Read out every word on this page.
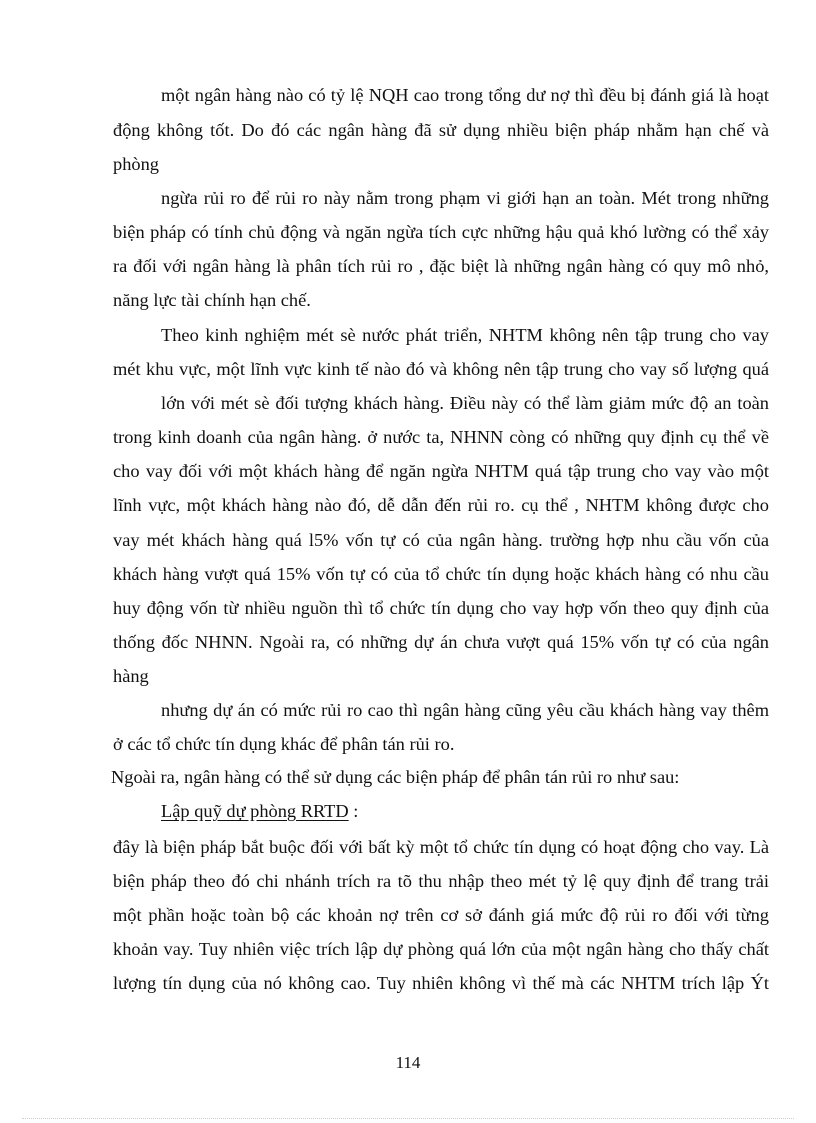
một ngân hàng nào có tỷ lệ NQH cao trong tổng dư nợ thì đều bị đánh giá là hoạt
động không tốt. Do đó các ngân hàng đã sử dụng nhiều biện pháp nhằm hạn chế và
phòng
ngừa rủi ro để rủi ro này nằm trong phạm vi giới hạn an toàn. Mét trong những
biện pháp có tính chủ động và ngăn ngừa tích cực những hậu quả khó lường có thể xảy
ra đối với ngân hàng là phân tích rủi ro , đặc biệt là những ngân hàng có quy mô nhỏ,
năng lực tài chính hạn chế.
Theo kinh nghiệm mét sè nước phát triển, NHTM không nên tập trung cho vay
mét khu vực, một lĩnh vực kinh tế nào đó và không nên tập trung cho vay số lượng quá
lớn với mét sè đối tượng khách hàng. Điều này có thể làm giảm mức độ an toàn
trong kinh doanh của ngân hàng. ở nước ta, NHNN còng có những quy định cụ thể về
cho vay đối với một khách hàng để ngăn ngừa NHTM quá tập trung cho vay vào một
lĩnh vực, một khách hàng nào đó, dễ dẫn đến rủi ro. cụ thể , NHTM không được cho
vay mét khách hàng quá l5% vốn tự có của ngân hàng. trường hợp nhu cầu vốn của
khách hàng vượt quá 15% vốn tự có của tổ chức tín dụng hoặc khách hàng có nhu cầu
huy động vốn từ nhiều nguồn thì tổ chức tín dụng cho vay hợp vốn theo quy định của
thống đốc NHNN. Ngoài ra, có những dự án chưa vượt quá 15% vốn tự có của ngân
hàng
nhưng dự án có mức rủi ro cao thì ngân hàng cũng yêu cầu khách hàng vay thêm
ở các tổ chức tín dụng khác để phân tán rủi ro.
Ngoài ra, ngân hàng có thể sử dụng các biện pháp để phân tán rủi ro như sau:
Lập quỹ dự phòng RRTD :
đây là biện pháp bắt buộc đối với bất kỳ một tổ chức tín dụng có hoạt động cho vay. Là
biện pháp theo đó chi nhánh trích ra tõ thu nhập theo mét tỷ lệ quy định để trang trải
một phần hoặc toàn bộ các khoản nợ trên cơ sở đánh giá mức độ rủi ro đối với từng
khoản vay. Tuy nhiên việc trích lập dự phòng quá lớn của một ngân hàng cho thấy chất
lượng tín dụng của nó không cao. Tuy nhiên không vì thế mà các NHTM trích lập Ýt
114
